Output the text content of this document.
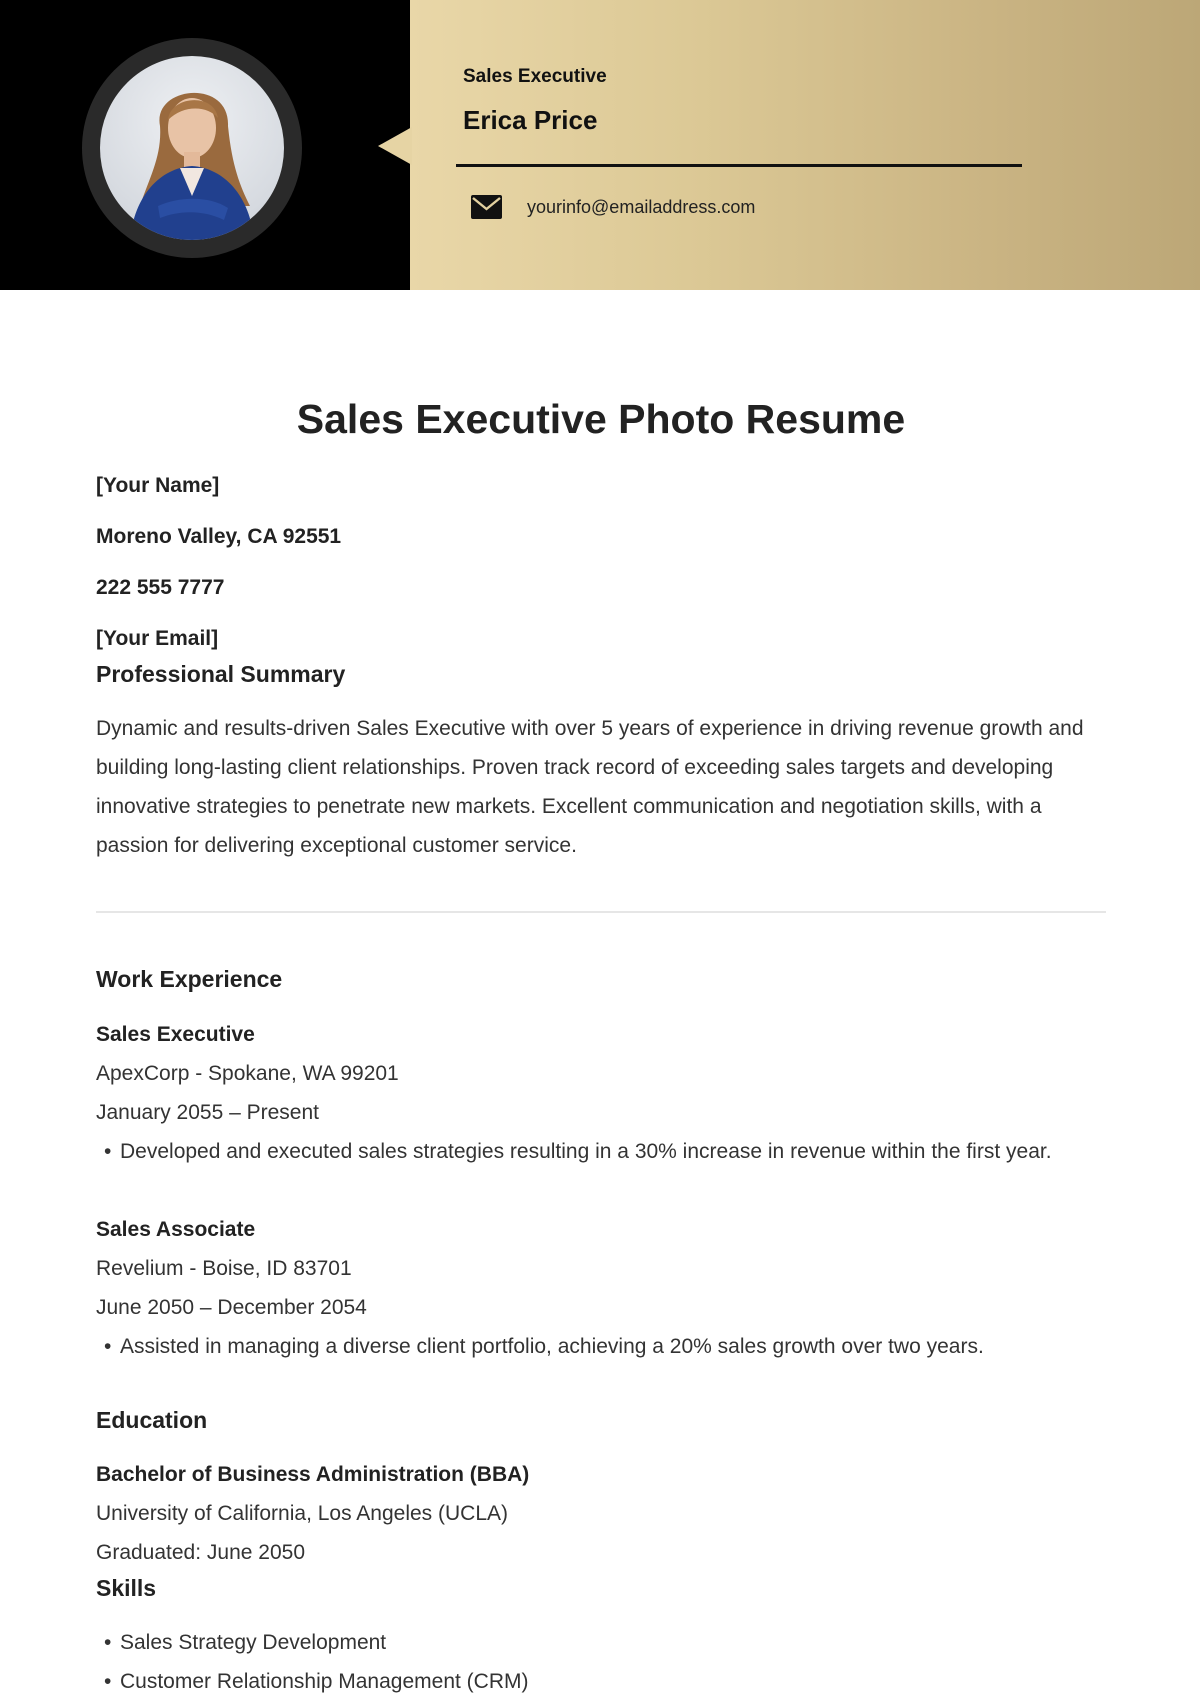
Sales Executive
Erica Price
yourinfo@emailaddress.com
Sales Executive Photo Resume
[Your Name]
Moreno Valley, CA 92551
222 555 7777
[Your Email]
Professional Summary
Dynamic and results-driven Sales Executive with over 5 years of experience in driving revenue growth and building long-lasting client relationships. Proven track record of exceeding sales targets and developing innovative strategies to penetrate new markets. Excellent communication and negotiation skills, with a passion for delivering exceptional customer service.
Work Experience
Sales Executive
ApexCorp - Spokane, WA 99201
January 2055 – Present
• Developed and executed sales strategies resulting in a 30% increase in revenue within the first year.
Sales Associate
Revelium - Boise, ID 83701
June 2050 – December 2054
• Assisted in managing a diverse client portfolio, achieving a 20% sales growth over two years.
Education
Bachelor of Business Administration (BBA)
University of California, Los Angeles (UCLA)
Graduated: June 2050
Skills
• Sales Strategy Development
• Customer Relationship Management (CRM)
